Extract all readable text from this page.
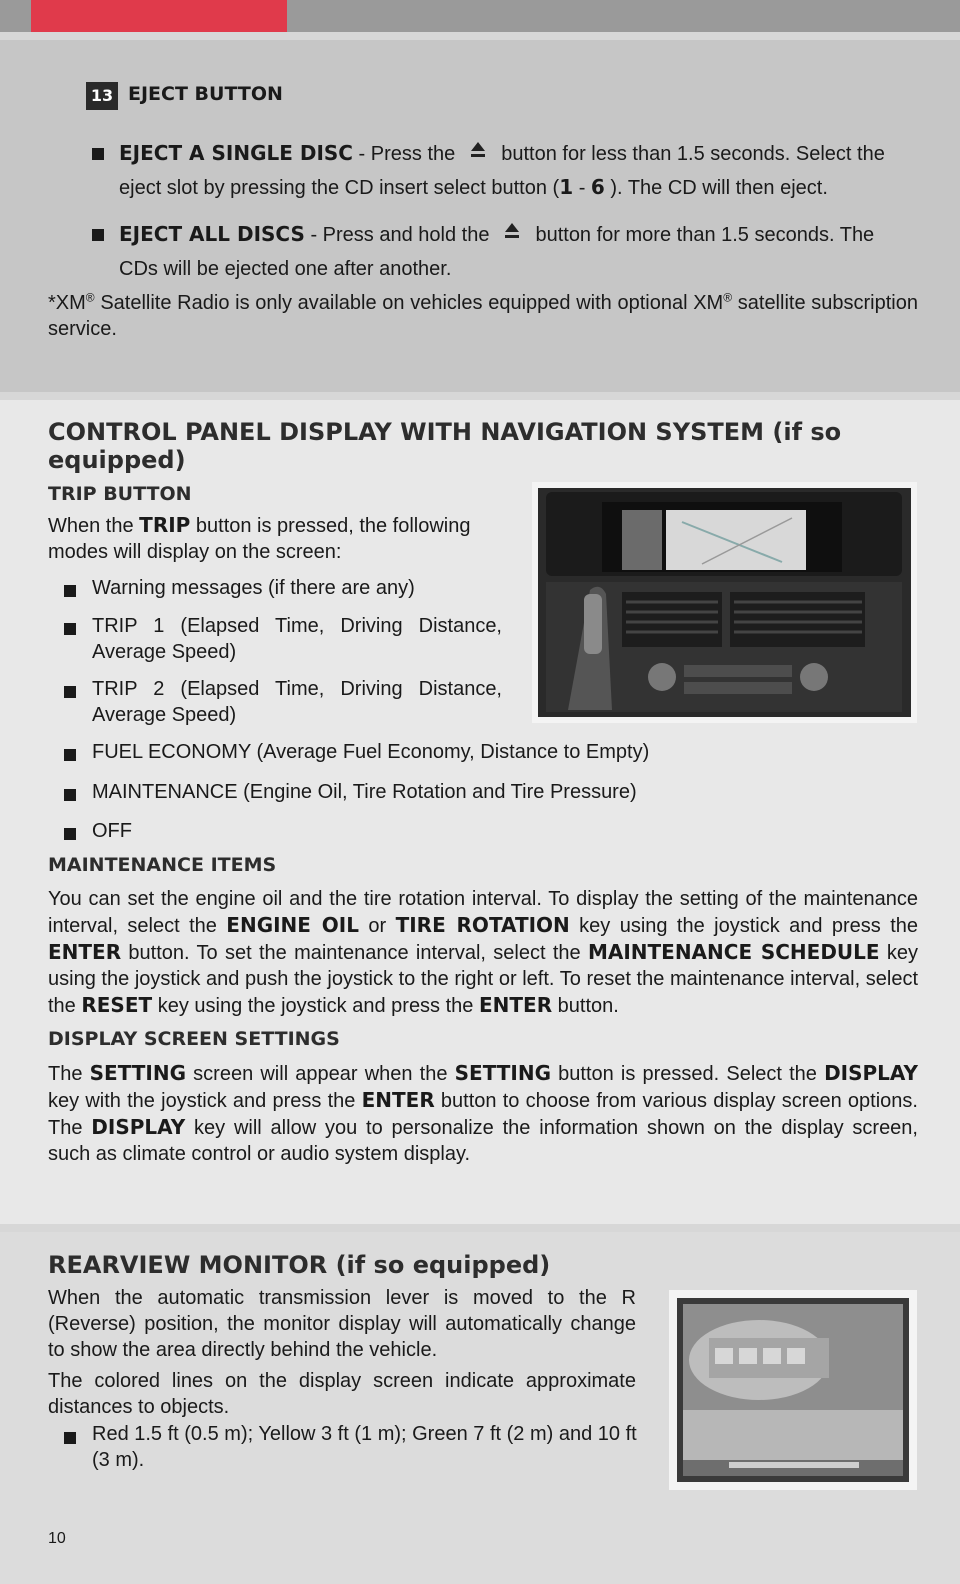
13 EJECT BUTTON
EJECT A SINGLE DISC - Press the button for less than 1.5 seconds. Select the
eject slot by pressing the CD insert select button (1 - 6 ). The CD will then eject.
EJECT ALL DISCS - Press and hold the button for more than 1.5 seconds. The
CDs will be ejected one after another.
*XM® Satellite Radio is only available on vehicles equipped with optional XM® satellite subscription service.
CONTROL PANEL DISPLAY WITH NAVIGATION SYSTEM (if so
equipped)
TRIP BUTTON
When the TRIP button is pressed, the following modes will display on the screen:
Warning messages (if there are any)
TRIP 1 (Elapsed Time, Driving Distance, Average Speed)
TRIP 2 (Elapsed Time, Driving Distance, Average Speed)
FUEL ECONOMY (Average Fuel Economy, Distance to Empty)
MAINTENANCE (Engine Oil, Tire Rotation and Tire Pressure)
OFF
MAINTENANCE ITEMS
You can set the engine oil and the tire rotation interval. To display the setting of the maintenance interval, select the ENGINE OIL or TIRE ROTATION key using the joystick and press the ENTER button. To set the maintenance interval, select the MAINTENANCE SCHEDULE key using the joystick and push the joystick to the right or left. To reset the maintenance interval, select the RESET key using the joystick and press the ENTER button.
DISPLAY SCREEN SETTINGS
The SETTING screen will appear when the SETTING button is pressed. Select the DISPLAY key with the joystick and press the ENTER button to choose from various display screen options. The DISPLAY key will allow you to personalize the information shown on the display screen, such as climate control or audio system display.
REARVIEW MONITOR (if so equipped)
When the automatic transmission lever is moved to the R (Reverse) position, the monitor display will automatically change to show the area directly behind the vehicle.
The colored lines on the display screen indicate approximate distances to objects.
Red 1.5 ft (0.5 m); Yellow 3 ft (1 m); Green 7 ft (2 m) and 10 ft (3 m).
10
